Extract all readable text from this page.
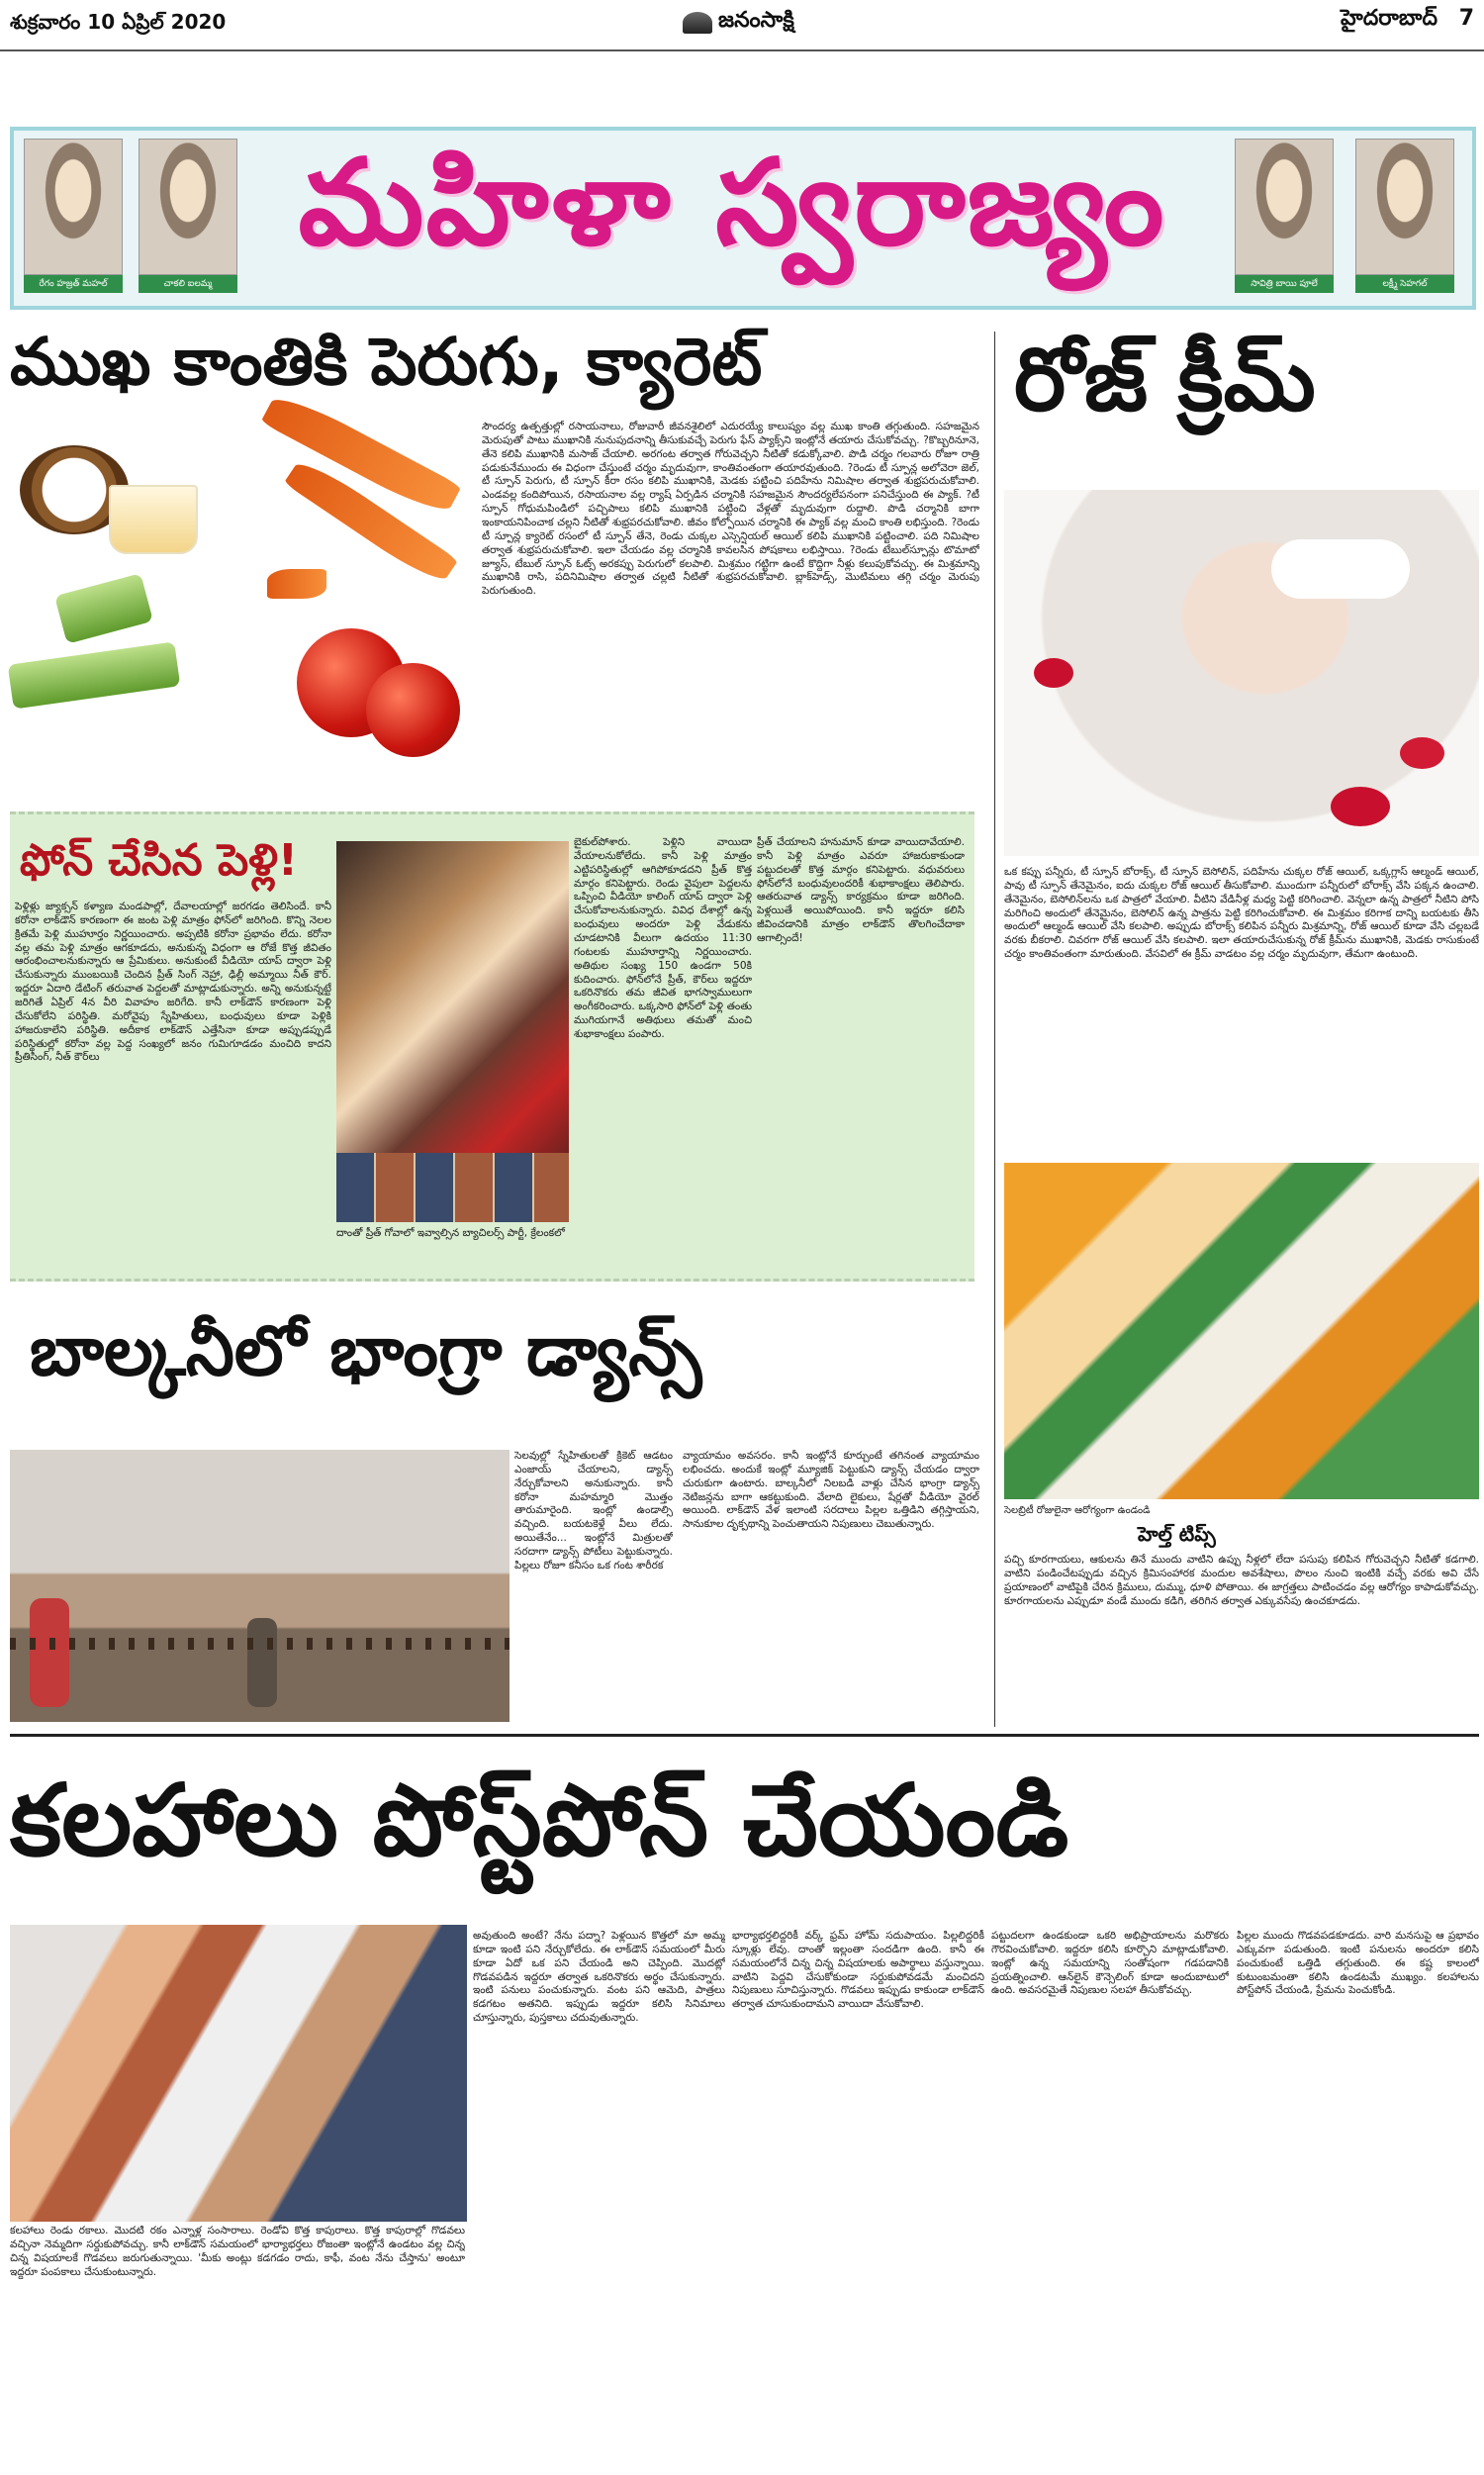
శుక్రవారం 10 ఏప్రిల్ 2020	జనంసాక్షి	హైదరాబాద్ 7
మహిళా స్వరాజ్యం
రేగం హజ్రత్ మహల్	చాకలి ఐలమ్మ	సావిత్రి బాయి పూలే	లక్ష్మీ సెహగల్
ముఖ కాంతికి పెరుగు, క్యారెట్
సౌందర్య ఉత్పత్తుల్లో రసాయనాలు, రోజువారీ జీవనశైలిలో ఎదురయ్యే కాలుష్యం వల్ల ముఖ కాంతి తగ్గుతుంది. సహజమైన మెరుపుతో పాటు ముఖానికి నునుపుదనాన్ని తీసుకువచ్చే పెరుగు ఫేస్ ప్యాక్స్‌ని ఇంట్లోనే తయారు చేసుకోవచ్చు. ?కొబ్బరినూనె, తేనె కలిపి ముఖానికి మసాజ్ చేయాలి. అరగంట తర్వాత గోరువెచ్చని నీటితో కడుక్కోవాలి. పొడి చర్మం గలవారు రోజూ రాత్రి పడుకునేముందు ఈ విధంగా చేస్తుంటే చర్మం మృదువుగా, కాంతివంతంగా తయారవుతుంది. ?రెండు టీ స్పూన్ల అలోవెరా జెల్, టీ స్పూన్ పెరుగు, టీ స్పూన్ కీరా రసం కలిపి ముఖానికి, మెడకు పట్టించి పదిహేను నిమిషాల తర్వాత శుభ్రపరుచుకోవాలి. ఎండవల్ల కందిపోయిన, రసాయనాల వల్ల ర్యాష్ ఏర్పడిన చర్మానికి సహజమైన సౌందర్యలేపనంగా పనిచేస్తుంది ఈ ప్యాక్. ?టీ స్పూన్ గోధుమపిండిలో పచ్చిపాలు కలిపి ముఖానికి పట్టించి వేళ్లతో మృదువుగా రుద్దాలి. పొడి చర్మానికి బాగా ఇంకాయనిపించాక చల్లని నీటితో శుభ్రపరచుకోవాలి. జీవం కోల్పోయిన చర్మానికి ఈ ప్యాక్ వల్ల మంచి కాంతి లభిస్తుంది. ?రెండు టీ స్పూన్ల క్యారెట్ రసంలో టీ స్పూన్ తేనె, రెండు చుక్కల ఎస్సెన్షియల్ ఆయిల్ కలిపి ముఖానికి పట్టించాలి. పది నిమిషాల తర్వాత శుభ్రపరుచుకోవాలి. ఇలా చేయడం వల్ల చర్మానికి కావలసిన పోషకాలు లభిస్తాయి. ?రెండు టేబుల్‌స్పూన్లు టొమాటో జ్యూస్, టేబుల్ స్పూన్ ఓట్స్ అరకప్పు పెరుగులో కలపాలి. మిశ్రమం గట్టిగా ఉంటే కొద్దిగా నీళ్లు కలుపుకోవచ్చు. ఈ మిశ్రమాన్ని ముఖానికి రాసి, పదినిమిషాల తర్వాత చల్లటి నీటితో శుభ్రపరచుకోవాలి. బ్లాక్‌హెడ్స్, మొటిమలు తగ్గి చర్మం మెరుపు పెరుగుతుంది.
ఫోన్ చేసిన పెళ్లి!
పెళ్లిళ్లు జ్యాక్సన్ కళ్యాణ మండపాల్లో, దేవాలయాల్లో జరగడం తెలిసిందే. కానీ కరోనా లాక్‌డౌన్ కారణంగా ఈ జంట పెళ్లి మాత్రం ఫోన్‌లో జరిగింది. కొన్ని నెలల క్రితమే పెళ్లి ముహూర్తం నిర్ణయించారు. అప్పటికి కరోనా ప్రభావం లేదు. కరోనా వల్ల తమ పెళ్లి మాత్రం ఆగకూడదు, అనుకున్న విధంగా ఆ రోజే కొత్త జీవితం ఆరంభించాలనుకున్నారు ఆ ప్రేమికులు. అనుకుంటే వీడియో యాప్ ద్వారా పెళ్లి చేసుకున్నారు ముంబయికి చెందిన ప్రీత్ సింగ్ నెహ్రా, ఢిల్లీ అమ్మాయి నీత్ కౌర్. ఇద్దరూ ఏదారి డేటింగ్ తరువాత పెద్దలతో మాట్లాడుకున్నారు. అన్ని అనుకున్నట్టే జరిగితే ఏప్రిల్ 4న వీరి వివాహం జరిగేది. కానీ లాక్‌డౌన్ కారణంగా పెళ్లి చేసుకోలేని పరిస్థితి. మరోవైపు స్నేహితులు, బంధువులు కూడా పెళ్లికి హాజరుకాలేని పరిస్థితి. అదీకాక లాక్‌డౌన్ ఎత్తేసినా కూడా అప్పుడప్పుడే పరిస్థితుల్లో కరోనా వల్ల పెద్ద సంఖ్యలో జనం గుమిగూడడం మంచిది కాదని ప్రీతిసింగ్, నీత్ కౌర్‌లు
బైకుల్‌పోశారు. పెళ్లిని వాయిదా వేయాలనుకోలేదు. కానీ పెళ్లి మాత్రం ఎట్టిపరిస్థితుల్లో ఆగిపోకూడదని ప్రీత్ కొత్త మార్గం కనిపెట్టారు. రెండు వైపులా పెద్దలను ఒప్పించి వీడియో కాలింగ్ యాప్ ద్వారా పెళ్లి చేసుకోవాలనుకున్నారు. వివిధ దేశాల్లో ఉన్న బంధువులు అందరూ పెళ్లి వేడుకను చూడటానికి వీలుగా ఉదయం 11:30 గంటలకు ముహూర్తాన్ని నిర్ణయించారు. అతిథుల సంఖ్య 150 ఉండగా 50కి కుదించారు. ఫోన్‌లోనే ప్రీత్, కౌర్‌లు ఇద్దరూ ఒకరినొకరు తమ జీవిత భాగస్వాములుగా అంగీకరించారు. ఒక్కసారి ఫోన్‌లో పెళ్లి తంతు ముగియగానే అతిథులు తమతో మంచి శుభాకాంక్షలు పంపారు.
ప్రీత్ చేయాలని హనుమాన్ కూడా వాయిదావేయాలి. కానీ పెళ్లి మాత్రం ఎవరూ హాజరుకాకుండా పట్టుదలతో కొత్త మార్గం కనిపెట్టారు. వధువరులు ఫోన్‌లోనే బంధువులందరికీ శుభాకాంక్షలు తెలిపారు. ఆతరువాత డ్యాన్స్ కార్యక్రమం కూడా జరిగింది. పెళ్లయితే అయిపోయింది. కానీ ఇద్దరూ కలిసి జీవించడానికి మాత్రం లాక్‌డౌన్ తొలగించేదాకా ఆగాల్సిందే!
దాంతో ప్రీత్ గోవాలో ఇవ్వాల్సిన బ్యాచిలర్స్ పార్టీ, క్రేలంకలో
బాల్కనీలో భాంగ్రా డ్యాన్స్
సెలవుల్లో స్నేహితులతో క్రికెట్ ఆడటం ఎంజాయ్ చేయాలని, డ్యాన్స్ నేర్చుకోవాలని అనుకున్నారు. కానీ కరోనా మహమ్మారి మొత్తం తారుమారైంది. ఇంట్లో ఉండాల్సి వచ్చింది. బయటకెళ్లే వీలు లేదు. అయితేనేం... ఇంట్లోనే మిత్రులతో సరదాగా డ్యాన్స్ పోటీలు పెట్టుకున్నారు. పిల్లలు రోజూ కనీసం ఒక గంట శారీరక
వ్యాయామం అవసరం. కానీ ఇంట్లోనే కూర్చుంటే తగినంత వ్యాయామం లభించదు. అందుకే ఇంట్లో మ్యూజిక్ పెట్టుకుని డ్యాన్స్ చేయడం ద్వారా చురుకుగా ఉంటారు. బాల్కనీలో నిలబడి వాళ్లు చేసిన భాంగ్రా డ్యాన్స్ నెటిజన్లను బాగా ఆకట్టుకుంది. వేలాది లైకులు, షేర్లతో వీడియో వైరల్ అయింది. లాక్‌డౌన్ వేళ ఇలాంటి సరదాలు పిల్లల ఒత్తిడిని తగ్గిస్తాయని, సానుకూల దృక్పథాన్ని పెంచుతాయని నిపుణులు చెబుతున్నారు.
రోజ్ క్రీమ్
ఒక కప్పు పన్నీరు, టీ స్పూన్ బోరాక్స్, టీ స్పూన్ బెసోలిన్, పదిహేను చుక్కల రోజ్ ఆయిల్, ఒక్కగ్లాస్ ఆల్మండ్ ఆయిల్, పావు టీ స్పూన్ తేనెమైనం, ఐదు చుక్కల రోజ్ ఆయిల్ తీసుకోవాలి. ముందుగా పన్నీరులో బోరాక్స్ వేసి పక్కన ఉంచాలి. తేనెమైనం, బెసోలిన్‌లను ఒక పాత్రలో వేయాలి. వీటిని వేడినీళ్ల మధ్య పెట్టి కరిగించాలి. వెన్నలా ఉన్న పాత్రలో నీటిని పోసి మరిగించి అందులో తేనెమైనం, బెసోలిన్ ఉన్న పాత్రను పెట్టి కరిగించుకోవాలి. ఈ మిశ్రమం కరిగాక దాన్ని బయటకు తీసి అందులో ఆల్మండ్ ఆయిల్ వేసి కలపాలి. అప్పుడు బోరాక్స్ కలిపిన పన్నీరు మిశ్రమాన్ని, రోజ్ ఆయిల్ కూడా వేసి చల్లబడే వరకు బీకరాలి. చివరగా రోజ్ ఆయిల్ వేసి కలపాలి. ఇలా తయారుచేసుకున్న రోజ్ క్రీమ్‌ను ముఖానికి, మెడకు రాసుకుంటే చర్మం కాంతివంతంగా మారుతుంది. వేసవిలో ఈ క్రీమ్ వాడటం వల్ల చర్మం మృదువుగా, తేమగా ఉంటుంది.
సెలబ్రిటీ రోజులైనా ఆరోగ్యంగా ఉండండి
హెల్త్ టిప్స్
పచ్చి కూరగాయలు, ఆకులను తినే ముందు వాటిని ఉప్పు నీళ్లలో లేదా పసుపు కలిపిన గోరువెచ్చని నీటితో కడగాలి. వాటిని పండించేటప్పుడు వచ్చిన క్రిమిసంహారక మందుల అవశేషాలు, పొలం నుంచి ఇంటికి వచ్చే వరకు అవి చేసే ప్రయాణంలో వాటిపైకి చేరిన క్రిములు, దుమ్ము, ధూళి పోతాయి. ఈ జాగ్రత్తలు పాటించడం వల్ల ఆరోగ్యం కాపాడుకోవచ్చు. కూరగాయలను ఎప్పుడూ వండే ముందు కడిగి, తరిగిన తర్వాత ఎక్కువసేపు ఉంచకూడదు.
కలహాలు పోస్ట్‌పోన్ చేయండి
కలహాలు రెండు రకాలు. మొదటి రకం ఎన్నాళ్ల సంసారాలు. రెండోవి కొత్త కాపురాలు. కొత్త కాపురాల్లో గొడవలు వచ్చినా నెమ్మదిగా సర్దుకుపోవచ్చు. కానీ లాక్‌డౌన్ సమయంలో భార్యాభర్తలు రోజంతా ఇంట్లోనే ఉండటం వల్ల చిన్న చిన్న విషయాలకే గొడవలు జరుగుతున్నాయి. 'మీకు అంట్లు కడగడం రాదు, కాఫీ, వంట నేను చేస్తాను' అంటూ ఇద్దరూ పంపకాలు చేసుకుంటున్నారు.
అవుతుంది అంటే? నేను పద్నా? పెళ్లయిన కొత్తలో మా అమ్మ కూడా ఇంటి పని నేర్చుకోలేదు. ఈ లాక్‌డౌన్ సమయంలో మీరు కూడా ఏదో ఒక పని చేయండి అని చెప్పింది. మొదట్లో గొడవపడిన ఇద్దరూ తర్వాత ఒకరినొకరు అర్థం చేసుకున్నారు. ఇంటి పనులు పంచుకున్నారు. వంట పని ఆమెది, పాత్రలు కడగటం అతనిది. ఇప్పుడు ఇద్దరూ కలిసి సినిమాలు చూస్తున్నారు, పుస్తకాలు చదువుతున్నారు.
భార్యాభర్తలిద్దరికీ వర్క్ ఫ్రమ్ హోమ్ సదుపాయం. పిల్లలిద్దరికీ స్కూళ్లు లేవు. దాంతో ఇల్లంతా సందడిగా ఉంది. కానీ ఈ సమయంలోనే చిన్న చిన్న విషయాలకు అపార్థాలు వస్తున్నాయి. వాటిని పెద్దవి చేసుకోకుండా సర్దుకుపోవడమే మంచిదని నిపుణులు సూచిస్తున్నారు. గొడవలు ఇప్పుడు కాకుండా లాక్‌డౌన్ తర్వాత చూసుకుందామని వాయిదా వేసుకోవాలి.
పట్టుదలగా ఉండకుండా ఒకరి అభిప్రాయాలను మరొకరు గౌరవించుకోవాలి. ఇద్దరూ కలిసి కూర్చొని మాట్లాడుకోవాలి. ఇంట్లో ఉన్న సమయాన్ని సంతోషంగా గడపడానికి ప్రయత్నించాలి. ఆన్‌లైన్ కౌన్సెలింగ్ కూడా అందుబాటులో ఉంది. అవసరమైతే నిపుణుల సలహా తీసుకోవచ్చు.
పిల్లల ముందు గొడవపడకూడదు. వారి మనసుపై ఆ ప్రభావం ఎక్కువగా పడుతుంది. ఇంటి పనులను అందరూ కలిసి పంచుకుంటే ఒత్తిడి తగ్గుతుంది. ఈ కష్ట కాలంలో కుటుంబమంతా కలిసి ఉండటమే ముఖ్యం. కలహాలను పోస్ట్‌పోన్ చేయండి, ప్రేమను పెంచుకోండి.
